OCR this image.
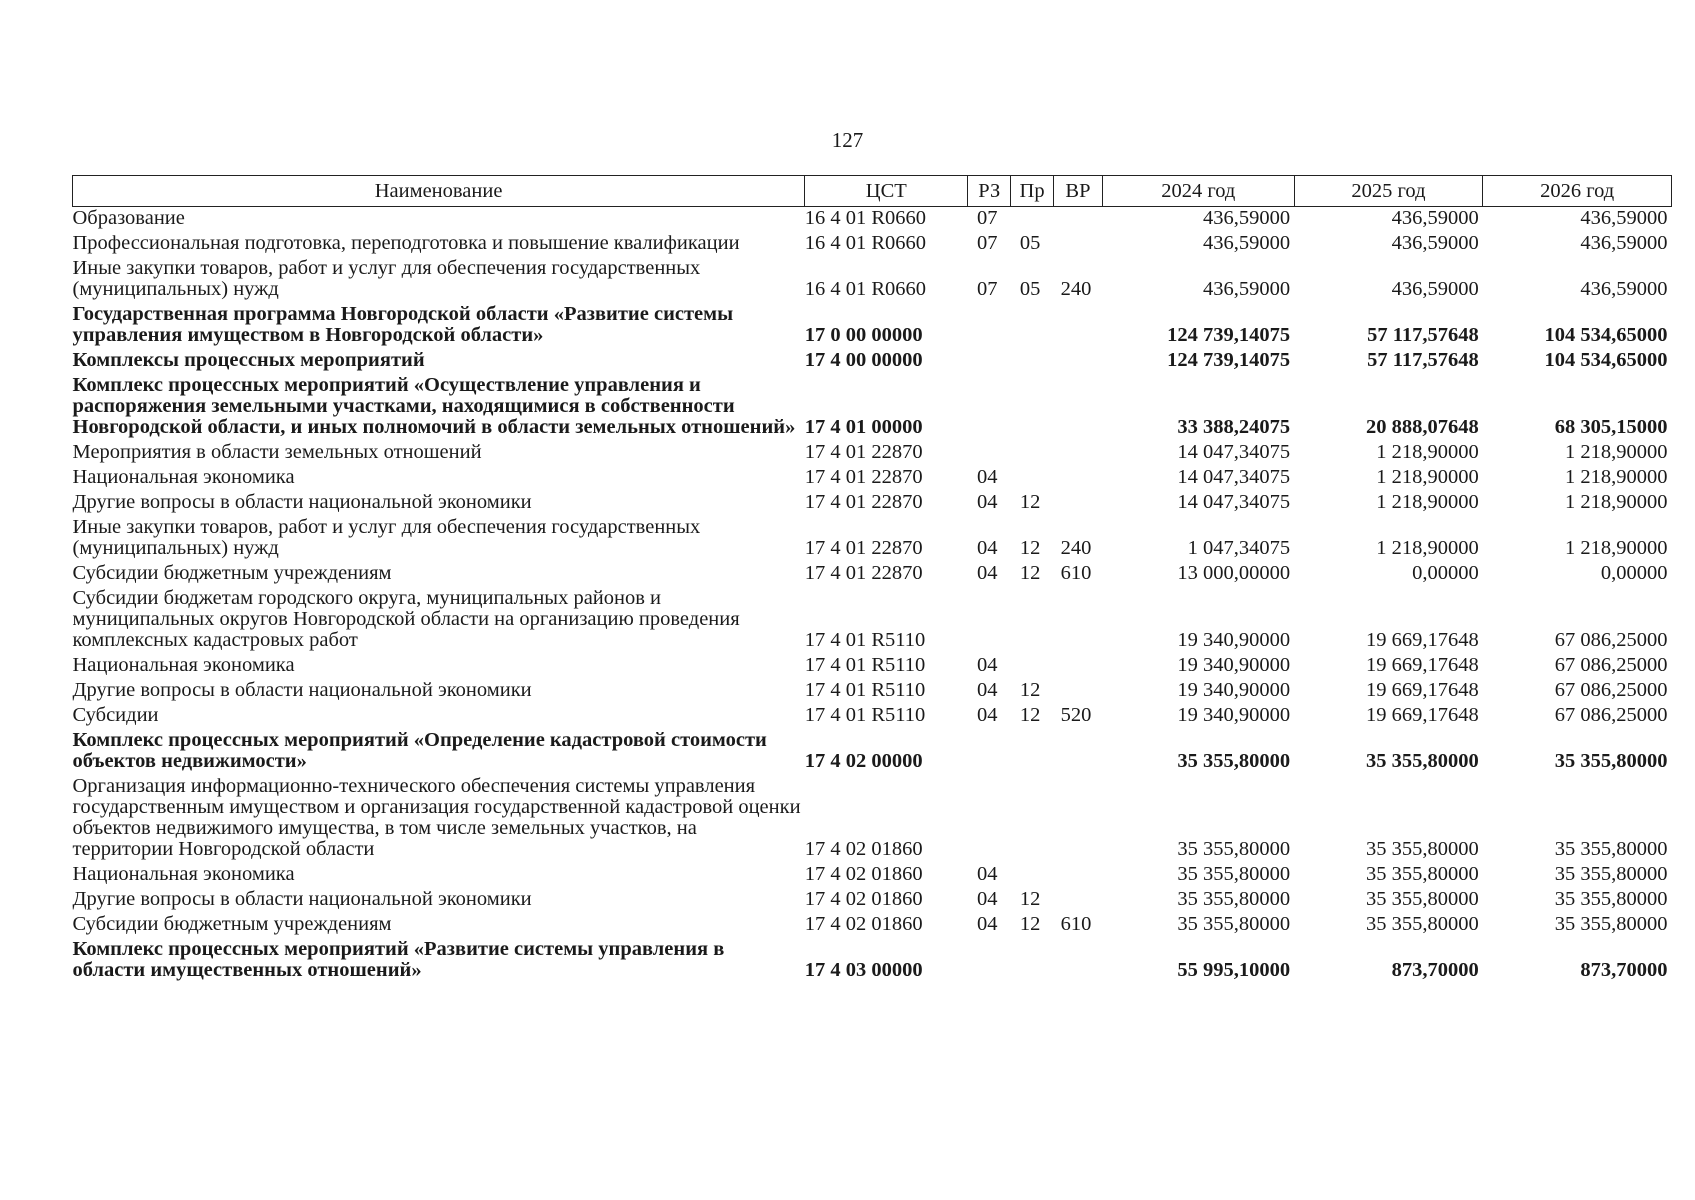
127
Наименование	ЦСТ	РЗ	Пр	ВР	2024 год	2025 год	2026 год
Образование	16 4 01 R0660	07			436,59000	436,59000	436,59000
Профессиональная подготовка, переподготовка и повышение квалификации	16 4 01 R0660	07	05		436,59000	436,59000	436,59000
Иные закупки товаров, работ и услуг для обеспечения государственных (муниципальных) нужд	16 4 01 R0660	07	05	240	436,59000	436,59000	436,59000
Государственная программа Новгородской области «Развитие системы управления имуществом в Новгородской области»	17 0 00 00000				124 739,14075	57 117,57648	104 534,65000
Комплексы процессных мероприятий	17 4 00 00000				124 739,14075	57 117,57648	104 534,65000
Комплекс процессных мероприятий «Осуществление управления и распоряжения земельными участками, находящимися в собственности Новгородской области, и иных полномочий в области земельных отношений»	17 4 01 00000				33 388,24075	20 888,07648	68 305,15000
Мероприятия в области земельных отношений	17 4 01 22870				14 047,34075	1 218,90000	1 218,90000
Национальная экономика	17 4 01 22870	04			14 047,34075	1 218,90000	1 218,90000
Другие вопросы в области национальной экономики	17 4 01 22870	04	12		14 047,34075	1 218,90000	1 218,90000
Иные закупки товаров, работ и услуг для обеспечения государственных (муниципальных) нужд	17 4 01 22870	04	12	240	1 047,34075	1 218,90000	1 218,90000
Субсидии бюджетным учреждениям	17 4 01 22870	04	12	610	13 000,00000	0,00000	0,00000
Субсидии бюджетам городского округа, муниципальных районов и муниципальных округов Новгородской области на организацию проведения комплексных кадастровых работ	17 4 01 R5110				19 340,90000	19 669,17648	67 086,25000
Национальная экономика	17 4 01 R5110	04			19 340,90000	19 669,17648	67 086,25000
Другие вопросы в области национальной экономики	17 4 01 R5110	04	12		19 340,90000	19 669,17648	67 086,25000
Субсидии	17 4 01 R5110	04	12	520	19 340,90000	19 669,17648	67 086,25000
Комплекс процессных мероприятий «Определение кадастровой стоимости объектов недвижимости»	17 4 02 00000				35 355,80000	35 355,80000	35 355,80000
Организация информационно-технического обеспечения системы управления государственным имуществом и организация государственной кадастровой оценки объектов недвижимого имущества, в том числе земельных участков, на территории Новгородской области	17 4 02 01860				35 355,80000	35 355,80000	35 355,80000
Национальная экономика	17 4 02 01860	04			35 355,80000	35 355,80000	35 355,80000
Другие вопросы в области национальной экономики	17 4 02 01860	04	12		35 355,80000	35 355,80000	35 355,80000
Субсидии бюджетным учреждениям	17 4 02 01860	04	12	610	35 355,80000	35 355,80000	35 355,80000
Комплекс процессных мероприятий «Развитие системы управления в области имущественных отношений»	17 4 03 00000				55 995,10000	873,70000	873,70000
